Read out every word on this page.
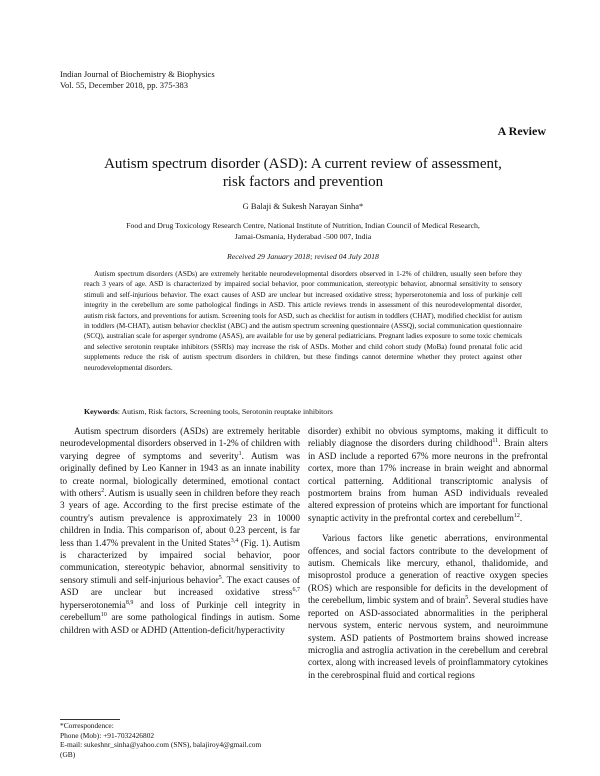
Indian Journal of Biochemistry & Biophysics
Vol. 55, December 2018, pp. 375-383
A Review
Autism spectrum disorder (ASD): A current review of assessment,
risk factors and prevention
G Balaji & Sukesh Narayan Sinha*
Food and Drug Toxicology Research Centre, National Institute of Nutrition, Indian Council of Medical Research,
Jamai-Osmania, Hyderabad -500 007, India
Received 29 January 2018; revised 04 July 2018

Autism spectrum disorders (ASDs) are extremely heritable neurodevelopmental disorders observed in 1-2% of children, usually seen before they reach 3 years of age. ASD is characterized by impaired social behavior, poor communication, stereotypic behavior, abnormal sensitivity to sensory stimuli and self-injurious behavior. The exact causes of ASD are unclear but increased oxidative stress; hyperserotonemia and loss of purkinje cell integrity in the cerebellum are some pathological findings in ASD. This article reviews trends in assessment of this neurodevelopmental disorder, autism risk factors, and preventions for autism. Screening tools for ASD, such as checklist for autism in toddlers (CHAT), modified checklist for autism in toddlers (M-CHAT), autism behavior checklist (ABC) and the autism spectrum screening questionnaire (ASSQ), social communication questionnaire (SCQ), australian scale for asperger syndrome (ASAS), are available for use by general pediatricians. Pregnant ladies exposure to some toxic chemicals and selective serotonin reuptake inhibitors (SSRIs) may increase the risk of ASDs. Mother and child cohort study (MoBa) found prenatal folic acid supplements reduce the risk of autism spectrum disorders in children, but these findings cannot determine whether they protect against other neurodevelopmental disorders.

Keywords: Autism, Risk factors, Screening tools, Serotonin reuptake inhibitors

Autism spectrum disorders (ASDs) are extremely heritable neurodevelopmental disorders observed in 1-2% of children with varying degree of symptoms and severity$^1$. Autism was originally defined by Leo Kanner in 1943 as an innate inability to create normal, biologically determined, emotional contact with others$^2$. Autism is usually seen in children before they reach 3 years of age. According to the first precise estimate of the country's autism prevalence is approximately 23 in 10000 children in India. This comparison of, about 0.23 percent, is far less than 1.47% prevalent in the United States$^{3,4}$ (Fig. 1). Autism is characterized by impaired social behavior, poor communication, stereotypic behavior, abnormal sensitivity to sensory stimuli and self-injurious behavior$^5$. The exact causes of ASD are unclear but increased oxidative stress$^{6,7}$ hyperserotonemia$^{8,9}$ and loss of Purkinje cell integrity in cerebellum$^{10}$ are some pathological findings in autism. Some children with ASD or ADHD (Attention-deficit/hyperactivity

disorder) exhibit no obvious symptoms, making it difficult to reliably diagnose the disorders during childhood$^{11}$. Brain alters in ASD include a reported 67% more neurons in the prefrontal cortex, more than 17% increase in brain weight and abnormal cortical patterning. Additional transcriptomic analysis of postmortem brains from human ASD individuals revealed altered expression of proteins which are important for functional synaptic activity in the prefrontal cortex and cerebellum$^{12}$.

Various factors like genetic aberrations, environmental offences, and social factors contribute to the development of autism. Chemicals like mercury, ethanol, thalidomide, and misoprostol produce a generation of reactive oxygen species (ROS) which are responsible for deficits in the development of the cerebellum, limbic system and of brain$^5$. Several studies have reported on ASD-associated abnormalities in the peripheral nervous system, enteric nervous system, and neuroimmune system. ASD patients of Postmortem brains showed increase microglia and astroglia activation in the cerebellum and cerebral cortex, along with increased levels of proinflammatory cytokines in the cerebrospinal fluid and cortical regions

*Correspondence:
Phone (Mob): +91-7032426802
E-mail: sukeshnr_sinha@yahoo.com (SNS), balajiroy4@gmail.com
(GB)
